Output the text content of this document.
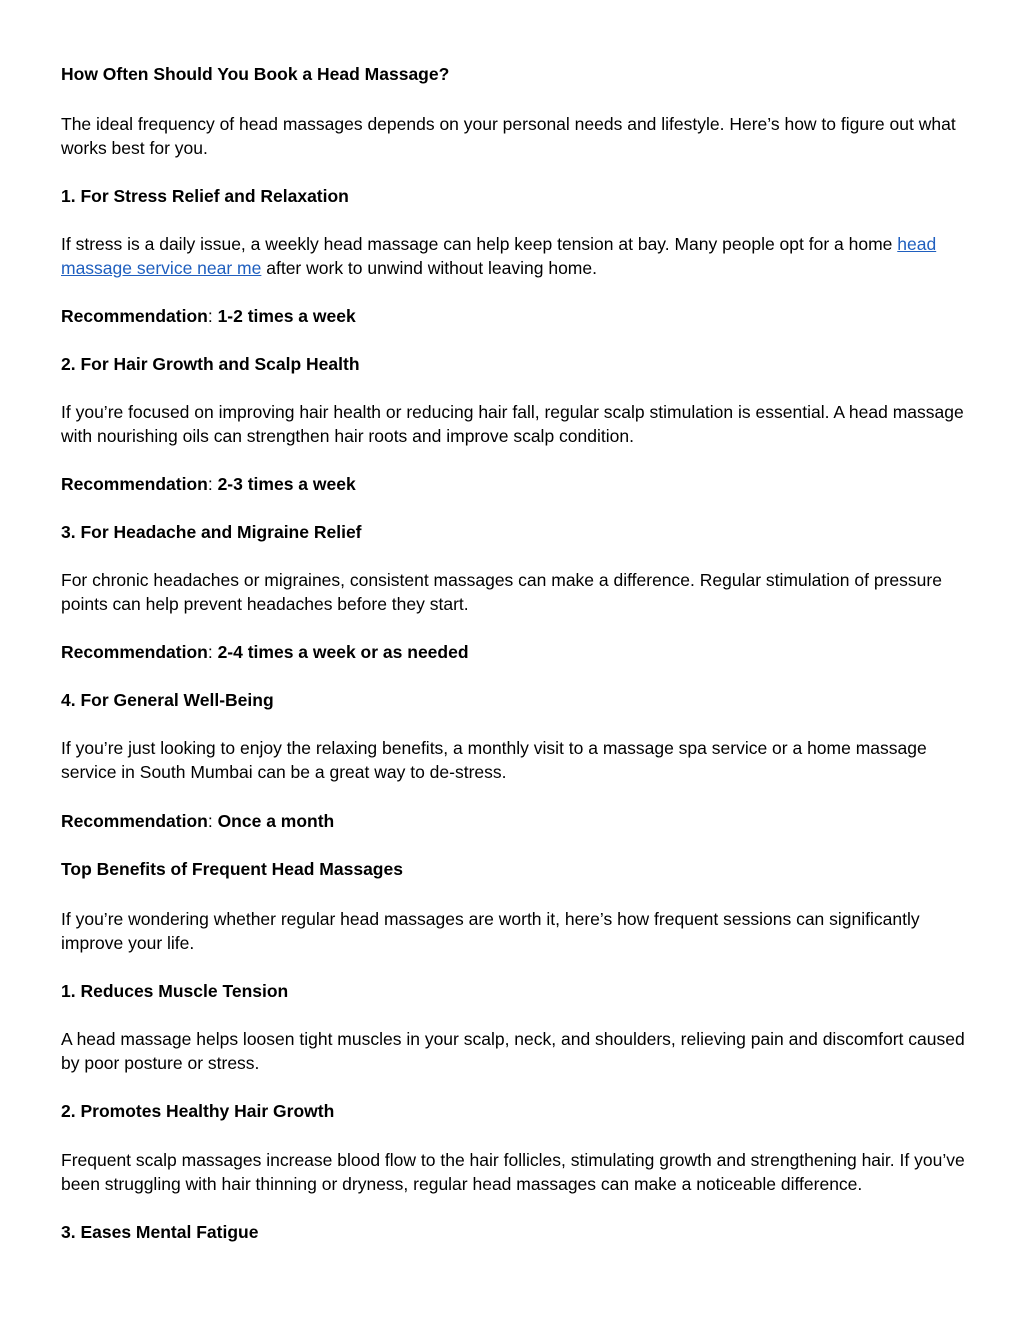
How Often Should You Book a Head Massage?

The ideal frequency of head massages depends on your personal needs and lifestyle. Here’s how to figure out what works best for you.

1. For Stress Relief and Relaxation

If stress is a daily issue, a weekly head massage can help keep tension at bay. Many people opt for a home head massage service near me after work to unwind without leaving home.

Recommendation: 1-2 times a week

2. For Hair Growth and Scalp Health

If you’re focused on improving hair health or reducing hair fall, regular scalp stimulation is essential. A head massage with nourishing oils can strengthen hair roots and improve scalp condition.

Recommendation: 2-3 times a week

3. For Headache and Migraine Relief

For chronic headaches or migraines, consistent massages can make a difference. Regular stimulation of pressure points can help prevent headaches before they start.

Recommendation: 2-4 times a week or as needed

4. For General Well-Being

If you’re just looking to enjoy the relaxing benefits, a monthly visit to a massage spa service or a home massage service in South Mumbai can be a great way to de-stress.

Recommendation: Once a month

Top Benefits of Frequent Head Massages

If you’re wondering whether regular head massages are worth it, here’s how frequent sessions can significantly improve your life.

1. Reduces Muscle Tension

A head massage helps loosen tight muscles in your scalp, neck, and shoulders, relieving pain and discomfort caused by poor posture or stress.

2. Promotes Healthy Hair Growth

Frequent scalp massages increase blood flow to the hair follicles, stimulating growth and strengthening hair. If you’ve been struggling with hair thinning or dryness, regular head massages can make a noticeable difference.

3. Eases Mental Fatigue
